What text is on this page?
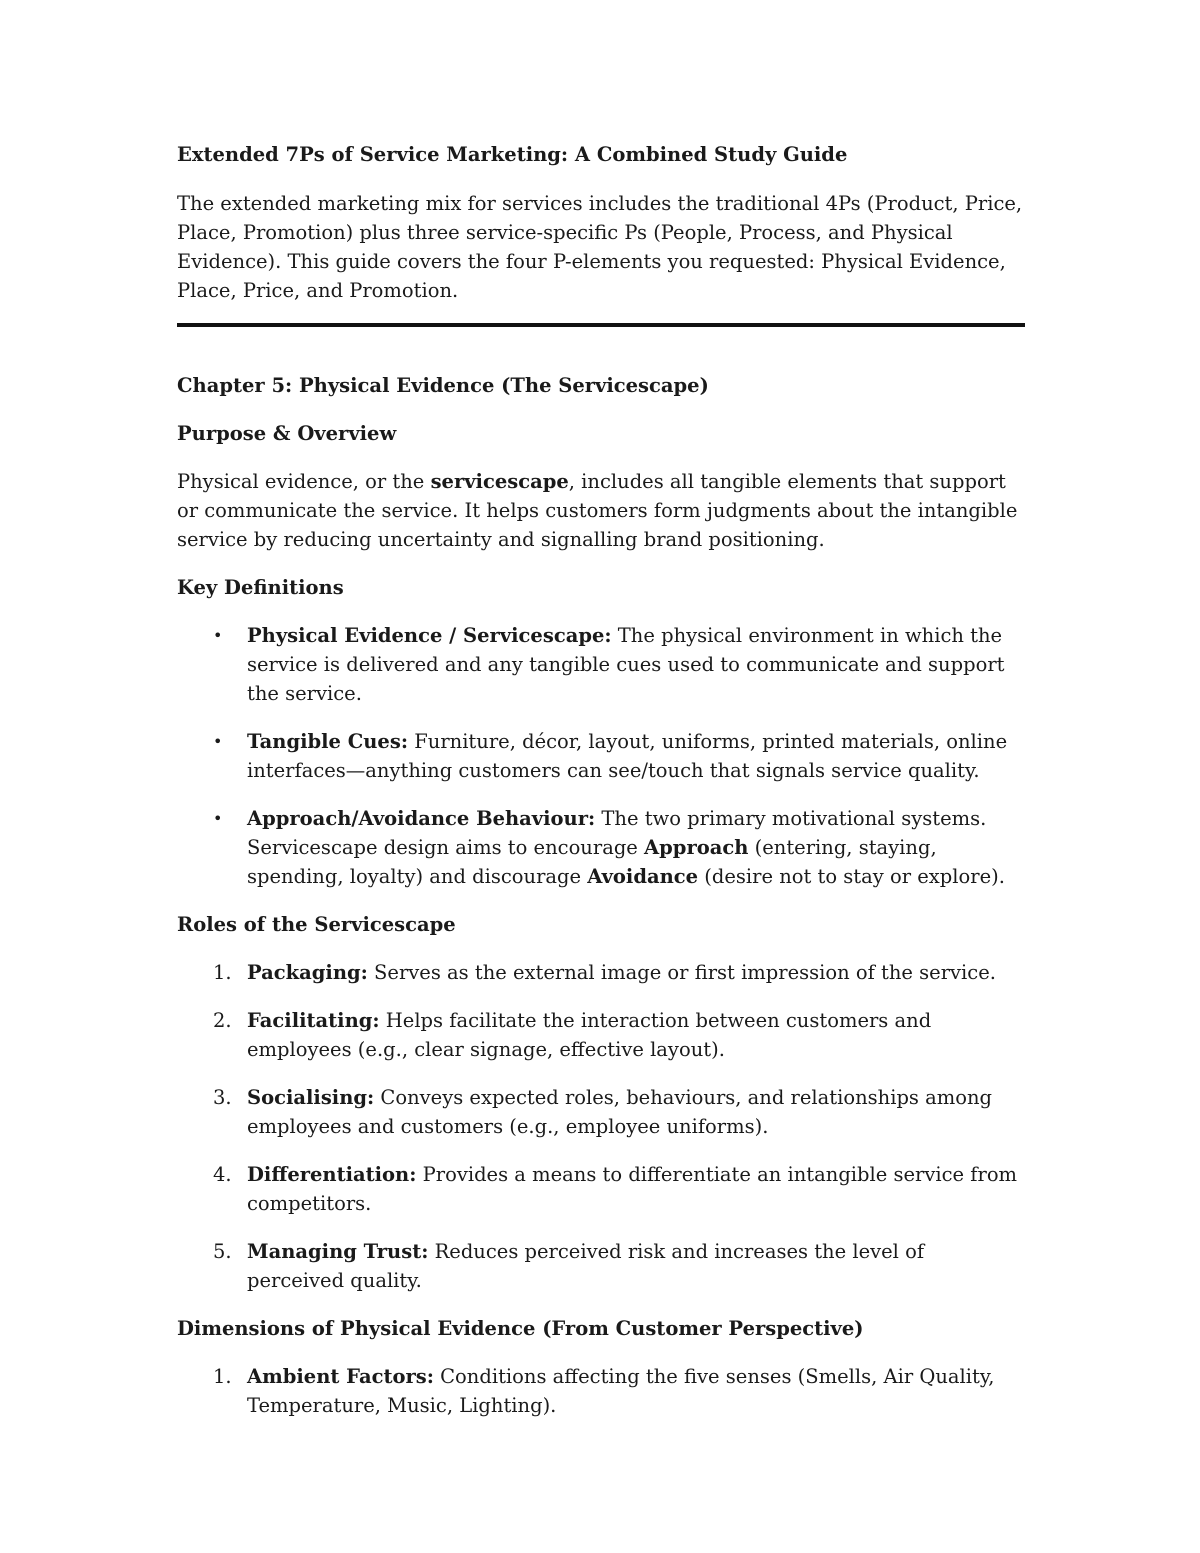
Extended 7Ps of Service Marketing: A Combined Study Guide

The extended marketing mix for services includes the traditional 4Ps (Product, Price, Place, Promotion) plus three service-specific Ps (People, Process, and Physical Evidence). This guide covers the four P-elements you requested: Physical Evidence, Place, Price, and Promotion.

Chapter 5: Physical Evidence (The Servicescape)

Purpose & Overview

Physical evidence, or the servicescape, includes all tangible elements that support or communicate the service. It helps customers form judgments about the intangible service by reducing uncertainty and signalling brand positioning.

Key Definitions

•	Physical Evidence / Servicescape: The physical environment in which the service is delivered and any tangible cues used to communicate and support the service.
•	Tangible Cues: Furniture, décor, layout, uniforms, printed materials, online interfaces—anything customers can see/touch that signals service quality.
•	Approach/Avoidance Behaviour: The two primary motivational systems. Servicescape design aims to encourage Approach (entering, staying, spending, loyalty) and discourage Avoidance (desire not to stay or explore).

Roles of the Servicescape

1. Packaging: Serves as the external image or first impression of the service.
2. Facilitating: Helps facilitate the interaction between customers and employees (e.g., clear signage, effective layout).
3. Socialising: Conveys expected roles, behaviours, and relationships among employees and customers (e.g., employee uniforms).
4. Differentiation: Provides a means to differentiate an intangible service from competitors.
5. Managing Trust: Reduces perceived risk and increases the level of perceived quality.

Dimensions of Physical Evidence (From Customer Perspective)

1. Ambient Factors: Conditions affecting the five senses (Smells, Air Quality, Temperature, Music, Lighting).
